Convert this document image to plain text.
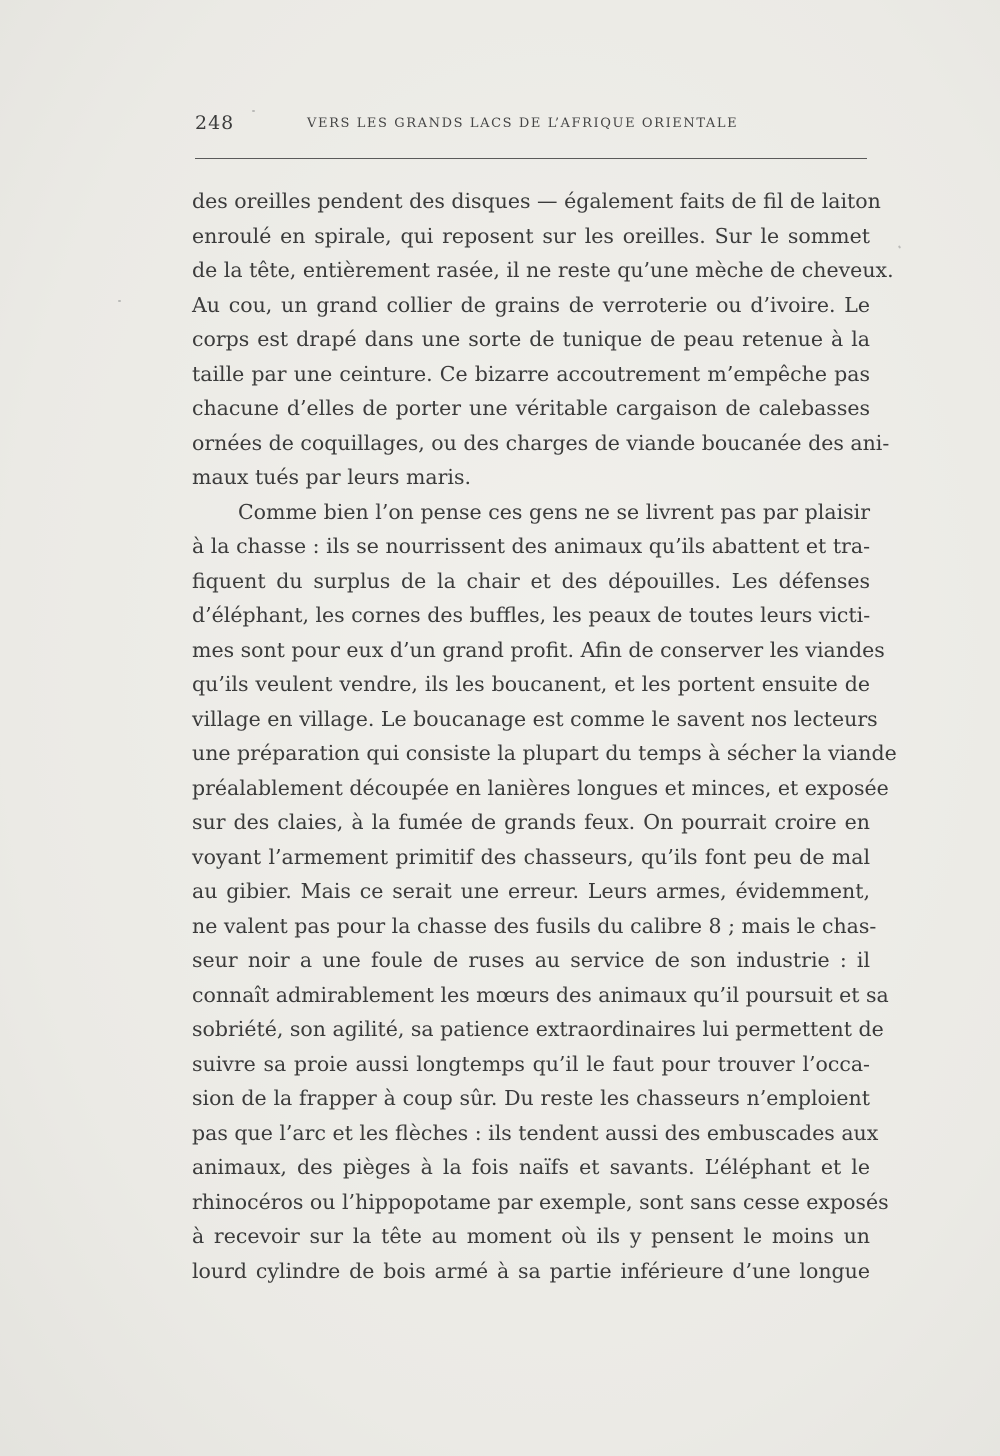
248	VERS LES GRANDS LACS DE L’AFRIQUE ORIENTALE
des oreilles pendent des disques — également faits de fil de laiton
enroulé en spirale, qui reposent sur les oreilles. Sur le sommet
de la tête, entièrement rasée, il ne reste qu’une mèche de cheveux.
Au cou, un grand collier de grains de verroterie ou d’ivoire. Le
corps est drapé dans une sorte de tunique de peau retenue à la
taille par une ceinture. Ce bizarre accoutrement m’empêche pas
chacune d’elles de porter une véritable cargaison de calebasses
ornées de coquillages, ou des charges de viande boucanée des ani-
maux tués par leurs maris.
Comme bien l’on pense ces gens ne se livrent pas par plaisir
à la chasse : ils se nourrissent des animaux qu’ils abattent et tra-
fiquent du surplus de la chair et des dépouilles. Les défenses
d’éléphant, les cornes des buffles, les peaux de toutes leurs victi-
mes sont pour eux d’un grand profit. Afin de conserver les viandes
qu’ils veulent vendre, ils les boucanent, et les portent ensuite de
village en village. Le boucanage est comme le savent nos lecteurs
une préparation qui consiste la plupart du temps à sécher la viande
préalablement découpée en lanières longues et minces, et exposée
sur des claies, à la fumée de grands feux. On pourrait croire en
voyant l’armement primitif des chasseurs, qu’ils font peu de mal
au gibier. Mais ce serait une erreur. Leurs armes, évidemment,
ne valent pas pour la chasse des fusils du calibre 8 ; mais le chas-
seur noir a une foule de ruses au service de son industrie : il
connaît admirablement les mœurs des animaux qu’il poursuit et sa
sobriété, son agilité, sa patience extraordinaires lui permettent de
suivre sa proie aussi longtemps qu’il le faut pour trouver l’occa-
sion de la frapper à coup sûr. Du reste les chasseurs n’emploient
pas que l’arc et les flèches : ils tendent aussi des embuscades aux
animaux, des pièges à la fois naïfs et savants. L’éléphant et le
rhinocéros ou l’hippopotame par exemple, sont sans cesse exposés
à recevoir sur la tête au moment où ils y pensent le moins un
lourd cylindre de bois armé à sa partie inférieure d’une longue
